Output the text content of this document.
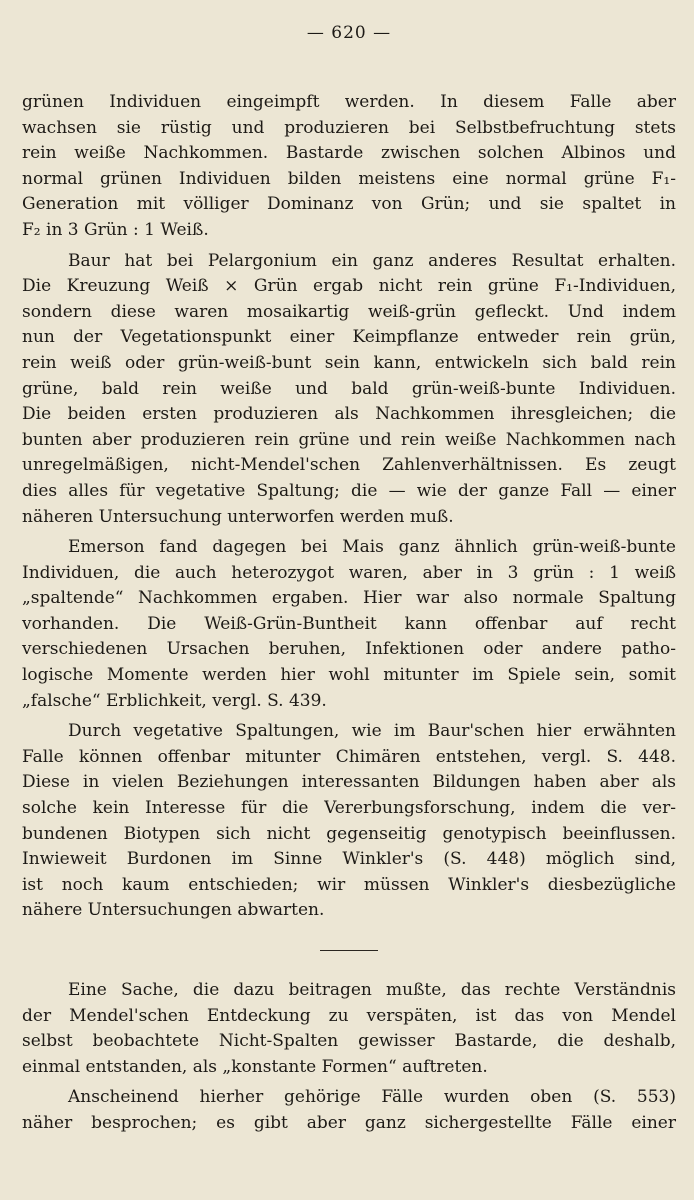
— 620 —
grünen Individuen eingeimpft werden. In diesem Falle aber
wachsen sie rüstig und produzieren bei Selbstbefruchtung stets
rein weiße Nachkommen. Bastarde zwischen solchen Albinos und
normal grünen Individuen bilden meistens eine normal grüne F₁-
Generation mit völliger Dominanz von Grün; und sie spaltet in
F₂ in 3 Grün : 1 Weiß.
Baur hat bei Pelargonium ein ganz anderes Resultat erhalten.
Die Kreuzung Weiß × Grün ergab nicht rein grüne F₁-Individuen,
sondern diese waren mosaikartig weiß-grün gefleckt. Und indem
nun der Vegetationspunkt einer Keimpflanze entweder rein grün,
rein weiß oder grün-weiß-bunt sein kann, entwickeln sich bald rein
grüne, bald rein weiße und bald grün-weiß-bunte Individuen.
Die beiden ersten produzieren als Nachkommen ihresgleichen; die
bunten aber produzieren rein grüne und rein weiße Nachkommen nach
unregelmäßigen, nicht-Mendel'schen Zahlenverhältnissen. Es zeugt
dies alles für vegetative Spaltung; die — wie der ganze Fall — einer
näheren Untersuchung unterworfen werden muß.
Emerson fand dagegen bei Mais ganz ähnlich grün-weiß-bunte
Individuen, die auch heterozygot waren, aber in 3 grün : 1 weiß
„spaltende“ Nachkommen ergaben. Hier war also normale Spaltung
vorhanden. Die Weiß-Grün-Buntheit kann offenbar auf recht
verschiedenen Ursachen beruhen, Infektionen oder andere patho-
logische Momente werden hier wohl mitunter im Spiele sein, somit
„falsche“ Erblichkeit, vergl. S. 439.
Durch vegetative Spaltungen, wie im Baur'schen hier erwähnten
Falle können offenbar mitunter Chimären entstehen, vergl. S. 448.
Diese in vielen Beziehungen interessanten Bildungen haben aber als
solche kein Interesse für die Vererbungsforschung, indem die ver-
bundenen Biotypen sich nicht gegenseitig genotypisch beeinflussen.
Inwieweit Burdonen im Sinne Winkler's (S. 448) möglich sind,
ist noch kaum entschieden; wir müssen Winkler's diesbezügliche
nähere Untersuchungen abwarten.
Eine Sache, die dazu beitragen mußte, das rechte Verständnis
der Mendel'schen Entdeckung zu verspäten, ist das von Mendel
selbst beobachtete Nicht-Spalten gewisser Bastarde, die deshalb,
einmal entstanden, als „konstante Formen“ auftreten.
Anscheinend hierher gehörige Fälle wurden oben (S. 553)
näher besprochen; es gibt aber ganz sichergestellte Fälle einer
